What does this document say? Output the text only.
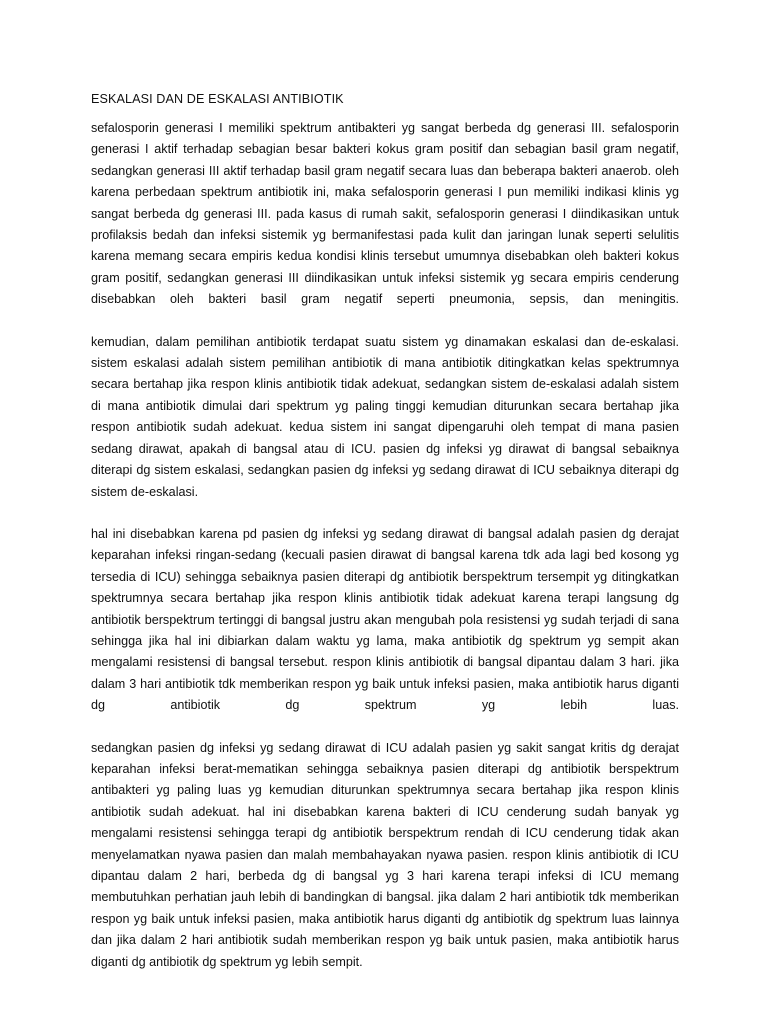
ESKALASI DAN DE ESKALASI ANTIBIOTIK

sefalosporin generasi I memiliki spektrum antibakteri yg sangat berbeda dg generasi III. sefalosporin generasi I aktif terhadap sebagian besar bakteri kokus gram positif dan sebagian basil gram negatif, sedangkan generasi III aktif terhadap basil gram negatif secara luas dan beberapa bakteri anaerob. oleh karena perbedaan spektrum antibiotik ini, maka sefalosporin generasi I pun memiliki indikasi klinis yg sangat berbeda dg generasi III. pada kasus di rumah sakit, sefalosporin generasi I diindikasikan untuk profilaksis bedah dan infeksi sistemik yg bermanifestasi pada kulit dan jaringan lunak seperti selulitis karena memang secara empiris kedua kondisi klinis tersebut umumnya disebabkan oleh bakteri kokus gram positif, sedangkan generasi III diindikasikan untuk infeksi sistemik yg secara empiris cenderung disebabkan oleh bakteri basil gram negatif seperti pneumonia, sepsis, dan meningitis.

kemudian, dalam pemilihan antibiotik terdapat suatu sistem yg dinamakan eskalasi dan de-eskalasi. sistem eskalasi adalah sistem pemilihan antibiotik di mana antibiotik ditingkatkan kelas spektrumnya secara bertahap jika respon klinis antibiotik tidak adekuat, sedangkan sistem de-eskalasi adalah sistem di mana antibiotik dimulai dari spektrum yg paling tinggi kemudian diturunkan secara bertahap jika respon antibiotik sudah adekuat. kedua sistem ini sangat dipengaruhi oleh tempat di mana pasien sedang dirawat, apakah di bangsal atau di ICU. pasien dg infeksi yg dirawat di bangsal sebaiknya diterapi dg sistem eskalasi, sedangkan pasien dg infeksi yg sedang dirawat di ICU sebaiknya diterapi dg sistem de-eskalasi.

hal ini disebabkan karena pd pasien dg infeksi yg sedang dirawat di bangsal adalah pasien dg derajat keparahan infeksi ringan-sedang (kecuali pasien dirawat di bangsal karena tdk ada lagi bed kosong yg tersedia di ICU) sehingga sebaiknya pasien diterapi dg antibiotik berspektrum tersempit yg ditingkatkan spektrumnya secara bertahap jika respon klinis antibiotik tidak adekuat karena terapi langsung dg antibiotik berspektrum tertinggi di bangsal justru akan mengubah pola resistensi yg sudah terjadi di sana sehingga jika hal ini dibiarkan dalam waktu yg lama, maka antibiotik dg spektrum yg sempit akan mengalami resistensi di bangsal tersebut. respon klinis antibiotik di bangsal dipantau dalam 3 hari. jika dalam 3 hari antibiotik tdk memberikan respon yg baik untuk infeksi pasien, maka antibiotik harus diganti dg antibiotik dg spektrum yg lebih luas.

sedangkan pasien dg infeksi yg sedang dirawat di ICU adalah pasien yg sakit sangat kritis dg derajat keparahan infeksi berat-mematikan sehingga sebaiknya pasien diterapi dg antibiotik berspektrum antibakteri yg paling luas yg kemudian diturunkan spektrumnya secara bertahap jika respon klinis antibiotik sudah adekuat. hal ini disebabkan karena bakteri di ICU cenderung sudah banyak yg mengalami resistensi sehingga terapi dg antibiotik berspektrum rendah di ICU cenderung tidak akan menyelamatkan nyawa pasien dan malah membahayakan nyawa pasien. respon klinis antibiotik di ICU dipantau dalam 2 hari, berbeda dg di bangsal yg 3 hari karena terapi infeksi di ICU memang membutuhkan perhatian jauh lebih di bandingkan di bangsal. jika dalam 2 hari antibiotik tdk memberikan respon yg baik untuk infeksi pasien, maka antibiotik harus diganti dg antibiotik dg spektrum luas lainnya dan jika dalam 2 hari antibiotik sudah memberikan respon yg baik untuk pasien, maka antibiotik harus diganti dg antibiotik dg spektrum yg lebih sempit.
